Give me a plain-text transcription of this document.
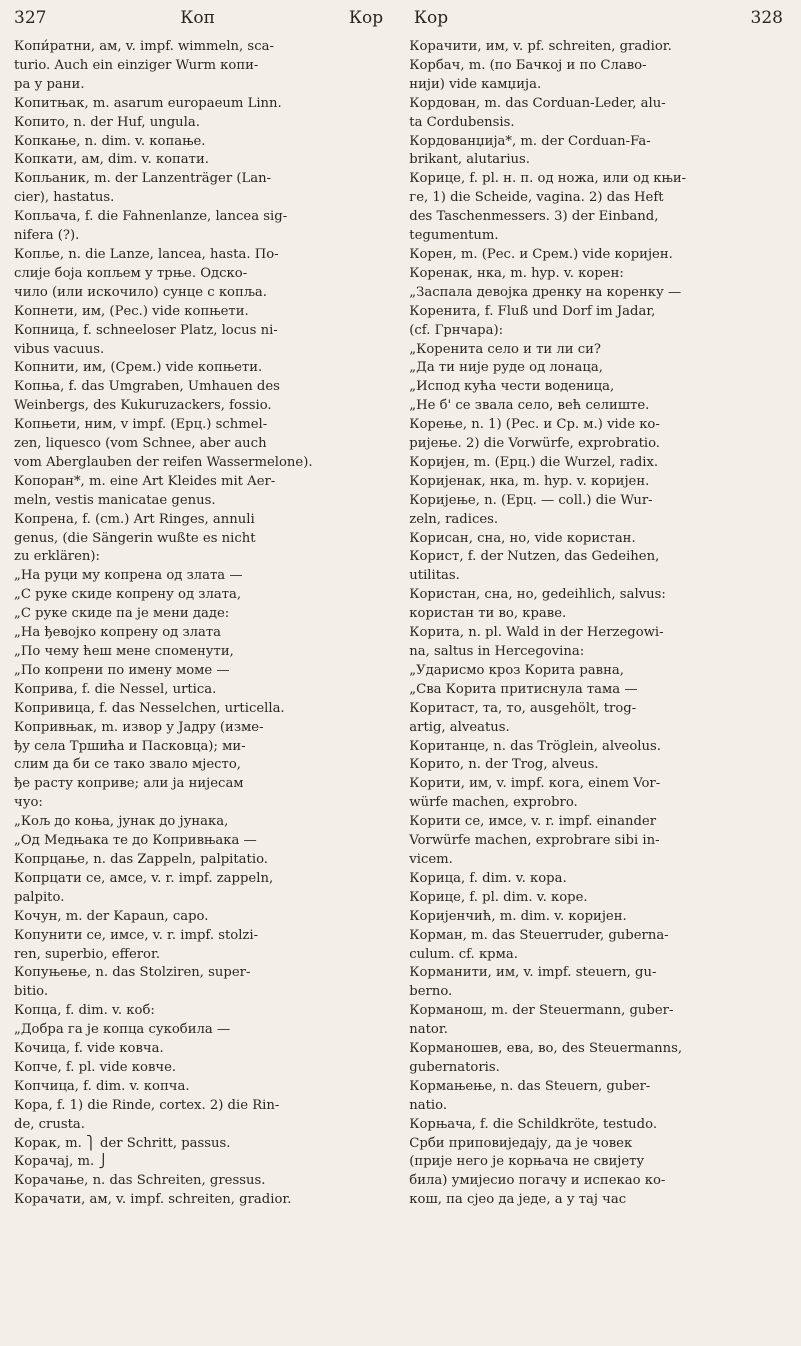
327	Коп	Кор Кор	328
Копи́ратни, ам, v. impf. wimmeln, sca-
turio. Auch ein einziger Wurm копи-
ра у рани.
Копитњак, m. asarum europaeum Linn.
Копито, n. der Huf, ungula.
Копкање, n. dim. v. копање.
Копкати, ам, dim. v. копати.
Копљаник, m. der Lanzenträger (Lan-
cier), hastatus.
Копљача, f. die Fahnenlanze, lancea sig-
nifera (?).
Копље, n. die Lanze, lancea, hasta. По-
слије боја копљем у трње. Одско-
чило (или искочило) сунце с копља.
Копнети, им, (Рес.) vide копњети.
Копница, f. schneeloser Platz, locus ni-
vibus vacuus.
Копнити, им, (Срем.) vide копњети.
Копња, f. das Umgraben, Umhauen des
Weinbergs, des Kukuruzackers, fossio.
Копњети, ним, v impf. (Ерц.) schmel-
zen, liquesco (vom Schnee, aber auch
vom Aberglauben der reifen Wassermelone).
Копоран*, m. eine Art Kleides mit Aer-
meln, vestis manicatae genus.
Копрена, f. (cm.) Art Ringes, annuli
genus, (die Sängerin wußte es nicht
zu erklären):
„На руци му копрена од злата —
„С руке скиде копрену од злата,
„С руке скиде па је мени даде:
„На ђевојко копрену од злата
„По чему ћеш мене споменути,
„По копрени по имену моме —
Коприва, f. die Nessel, urtica.
Копривица, f. das Nesselchen, urticella.
Копривњак, m. извор у Јадру (изме-
ђу села Тршића и Пасковца); ми-
слим да би се тако звало мјесто,
ђе расту коприве; али ја нијесам
чуо:
„Кољ до коња, јунак до јунака,
„Од Медњака те до Копривњака —
Копрцање, n. das Zappeln, palpitatio.
Копрцати се, амсе, v. r. impf. zappeln,
palpito.
Кочун, m. der Kapaun, capo.
Копунити се, имсе, v. r. impf. stolzi-
ren, superbio, efferor.
Копуњење, n. das Stolziren, super-
bitio.
Копца, f. dim. v. коб:
„Добра га је копца сукобила —
Кочица, f. vide ковча.
Копче, f. pl. vide ковче.
Копчица, f. dim. v. копча.
Кора, f. 1) die Rinde, cortex. 2) die Rin-
de, crusta.
Корак, m. ⎫ der Schritt, passus.
Корачај, m. ⎭
Корачање, n. das Schreiten, gressus.
Корачати, ам, v. impf. schreiten, gradior.
Корачити, им, v. pf. schreiten, gradior.
Корбач, m. (по Бачкој и по Славо-
нији) vide камџија.
Кордован, m. das Corduan-Leder, alu-
ta Cordubensis.
Кордованџија*, m. der Corduan-Fa-
brikant, alutarius.
Корице, f. pl. н. п. од ножа, или од књи-
ге, 1) die Scheide, vagina. 2) das Heft
des Taschenmessers. 3) der Einband,
tegumentum.
Корен, m. (Рес. и Срем.) vide коријен.
Коренак, нка, m. hyp. v. корен:
„Заспала девојка дренку на коренку —
Коренита, f. Fluß und Dorf im Jadar,
(cf. Грнчара):
„Коренита село и ти ли си?
„Да ти није руде од лонаца,
„Испод кућа чести воденица,
„Не б' се звала село, већ селиште.
Корење, n. 1) (Рес. и Ср. м.) vide ко-
ријење. 2) die Vorwürfe, exprobratio.
Коријен, m. (Ерц.) die Wurzel, radix.
Коријенак, нка, m. hyp. v. коријен.
Коријење, n. (Ерц. — coll.) die Wur-
zeln, radices.
Корисан, сна, но, vide користан.
Корист, f. der Nutzen, das Gedeihen,
utilitas.
Користан, сна, но, gedeihlich, salvus:
користан ти во, краве.
Корита, n. pl. Wald in der Herzegowi-
na, saltus in Hercegovina:
„Ударисмо кроз Корита равна,
„Сва Корита притиснула тама —
Коритаст, та, то, ausgehölt, trog-
artig, alveatus.
Коританце, n. das Tröglein, alveolus.
Корито, n. der Trog, alveus.
Корити, им, v. impf. кога, einem Vor-
würfe machen, exprobro.
Корити се, имсе, v. r. impf. einander
Vorwürfe machen, exprobrare sibi in-
vicem.
Корица, f. dim. v. кора.
Корице, f. pl. dim. v. коре.
Коријенчић, m. dim. v. коријен.
Корман, m. das Steuerruder, guberna-
culum. cf. крма.
Корманити, им, v. impf. steuern, gu-
berno.
Корманош, m. der Steuermann, guber-
nator.
Корманошев, ева, во, des Steuermanns,
gubernatoris.
Кормањење, n. das Steuern, guber-
natio.
Корњача, f. die Schildkröte, testudo.
Срби приповиједају, да је човек
(прије него је корњача не свијету
била) умијесио погачу и испекао ко-
кош, па сјео да једе, а у тај час
